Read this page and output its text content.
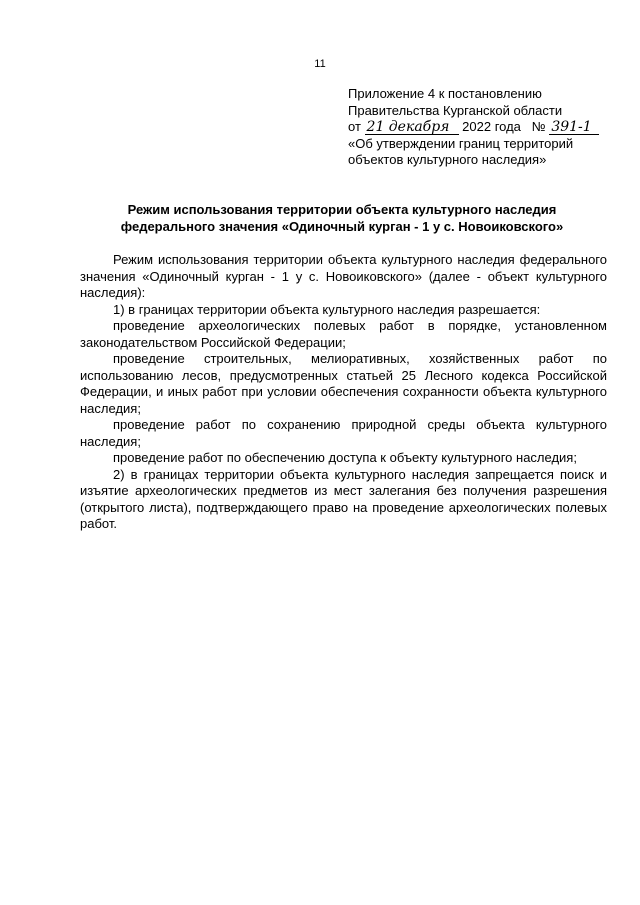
11
Приложение 4 к постановлению
Правительства Курганской области
от 21 декабря 2022 года № 391-1
«Об утверждении границ территорий
объектов культурного наследия»
Режим использования территории объекта культурного наследия федерального значения «Одиночный курган - 1 у с. Новоиковского»

Режим использования территории объекта культурного наследия федерального значения «Одиночный курган - 1 у с. Новоиковского» (далее - объект культурного наследия):

1) в границах территории объекта культурного наследия разрешается:

проведение археологических полевых работ в порядке, установленном законодательством Российской Федерации;

проведение строительных, мелиоративных, хозяйственных работ по использованию лесов, предусмотренных статьей 25 Лесного кодекса Российской Федерации, и иных работ при условии обеспечения сохранности объекта культурного наследия;

проведение работ по сохранению природной среды объекта культурного наследия;

проведение работ по обеспечению доступа к объекту культурного наследия;

2) в границах территории объекта культурного наследия запрещается поиск и изъятие археологических предметов из мест залегания без получения разрешения (открытого листа), подтверждающего право на проведение археологических полевых работ.
